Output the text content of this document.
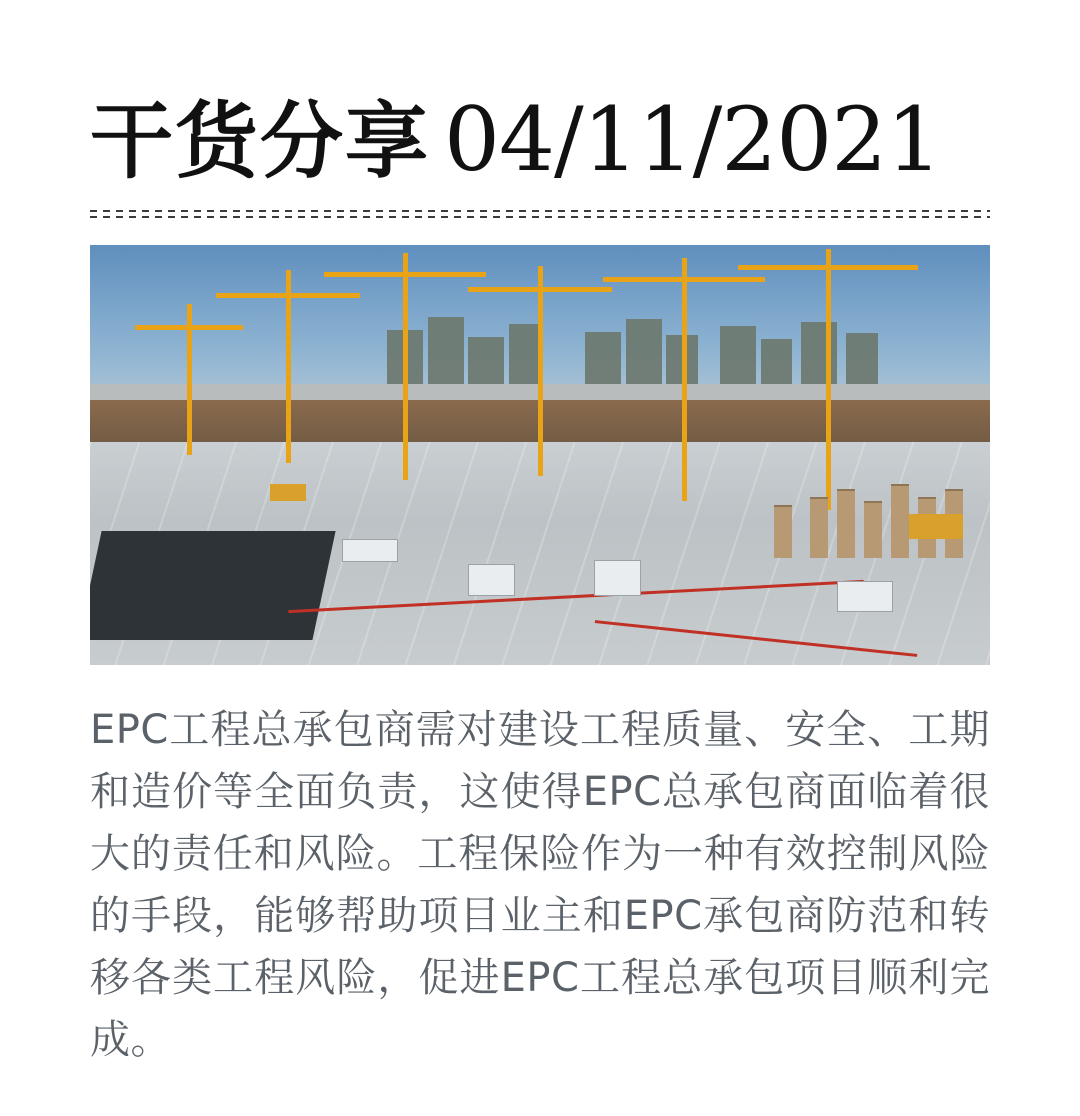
干货分享 04/11/2021

EPC工程总承包商需对建设工程质量、安全、工期和造价等全面负责，这使得EPC总承包商面临着很大的责任和风险。工程保险作为一种有效控制风险的手段，能够帮助项目业主和EPC承包商防范和转移各类工程风险，促进EPC工程总承包项目顺利完成。
